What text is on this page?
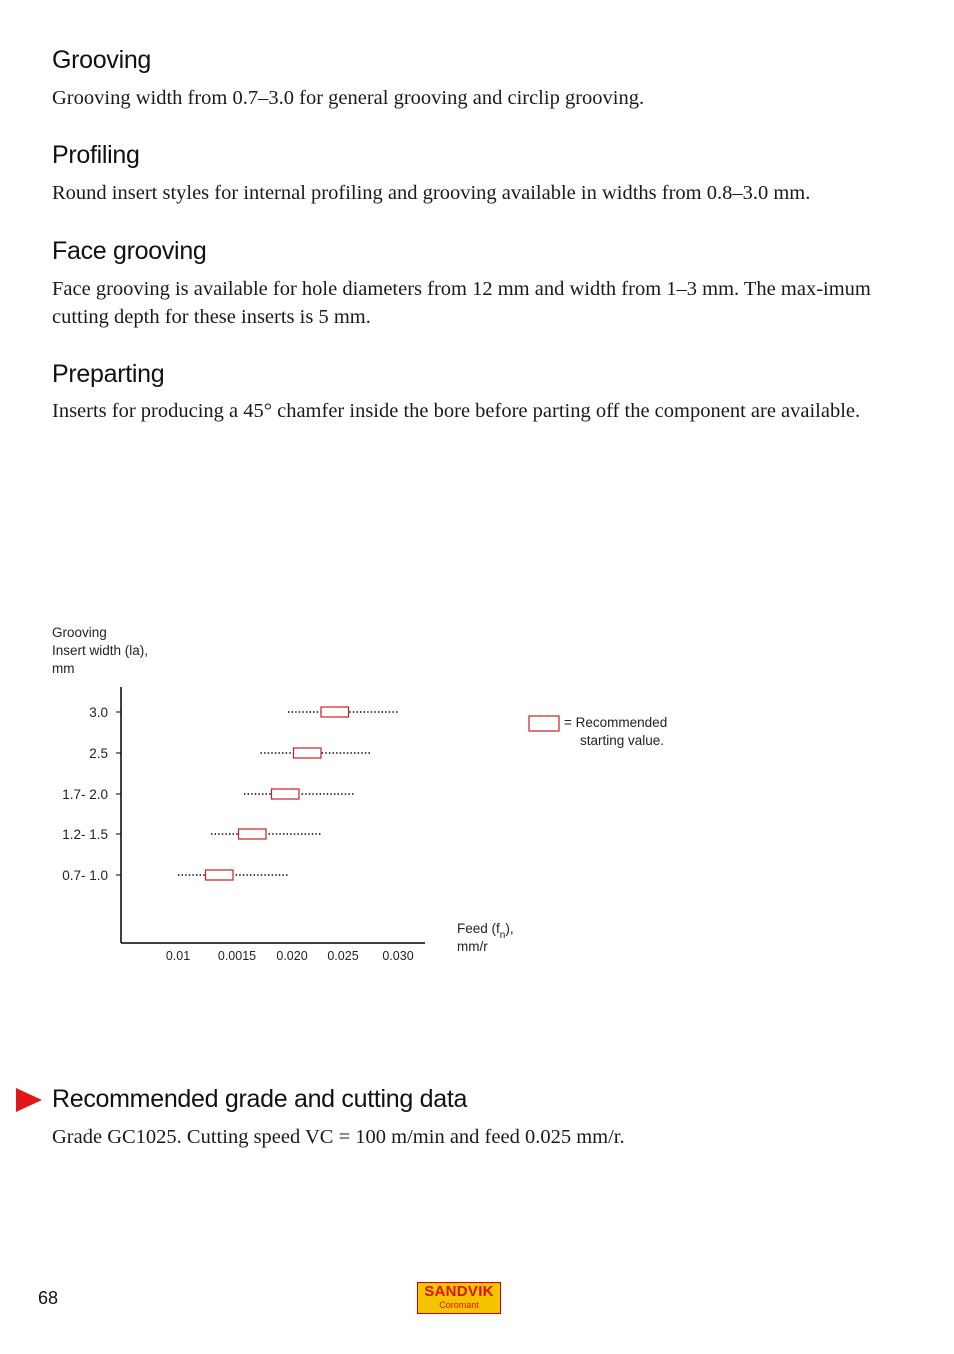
Grooving

Grooving width from 0.7–3.0 for general grooving and circlip grooving.

Profiling

Round insert styles for internal profiling and grooving available in widths from 0.8–3.0 mm.

Face grooving

Face grooving is available for hole diameters from 12 mm and width from 1–3 mm. The max-imum cutting depth for these inserts is 5 mm.

Preparting

Inserts for producing a 45° chamfer inside the bore before parting off the component are available.

Grooving
Insert width (la),
mm
Feed $(f_n)$,
mm/r
= Recommended
starting value.
0.7- 1.0
1.2- 1.5
1.7- 2.0
2.5
3.0
0.01 0.0015 0.020 0.025 0.030
Recommended grade and cutting data

Grade GC1025. Cutting speed VC = 100 m/min and feed 0.025 mm/r.

68	SANDVIK
Coromant
